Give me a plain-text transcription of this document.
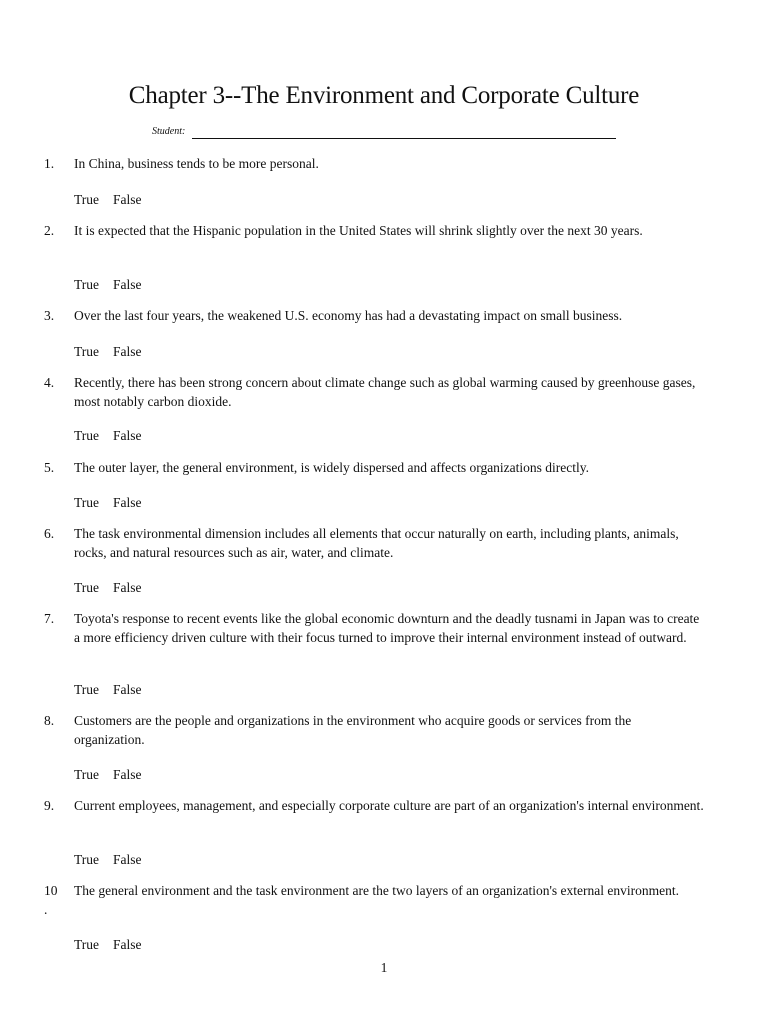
Chapter 3--The Environment and Corporate Culture
Student:
1.	In China, business tends to be more personal.
True False
2.	It is expected that the Hispanic population in the United States will shrink slightly over the next 30 years.
True False
3.	Over the last four years, the weakened U.S. economy has had a devastating impact on small business.
True False
4.	Recently, there has been strong concern about climate change such as global warming caused by greenhouse gases, most notably carbon dioxide.
True False
5.	The outer layer, the general environment, is widely dispersed and affects organizations directly.
True False
6.	The task environmental dimension includes all elements that occur naturally on earth, including plants, animals, rocks, and natural resources such as air, water, and climate.
True False
7.	Toyota's response to recent events like the global economic downturn and the deadly tusnami in Japan was to create a more efficiency driven culture with their focus turned to improve their internal environment instead of outward.
True False
8.	Customers are the people and organizations in the environment who acquire goods or services from the organization.
True False
9.	Current employees, management, and especially corporate culture are part of an organization's internal environment.
True False
10
.
The general environment and the task environment are the two layers of an organization's external environment.
True False
1
